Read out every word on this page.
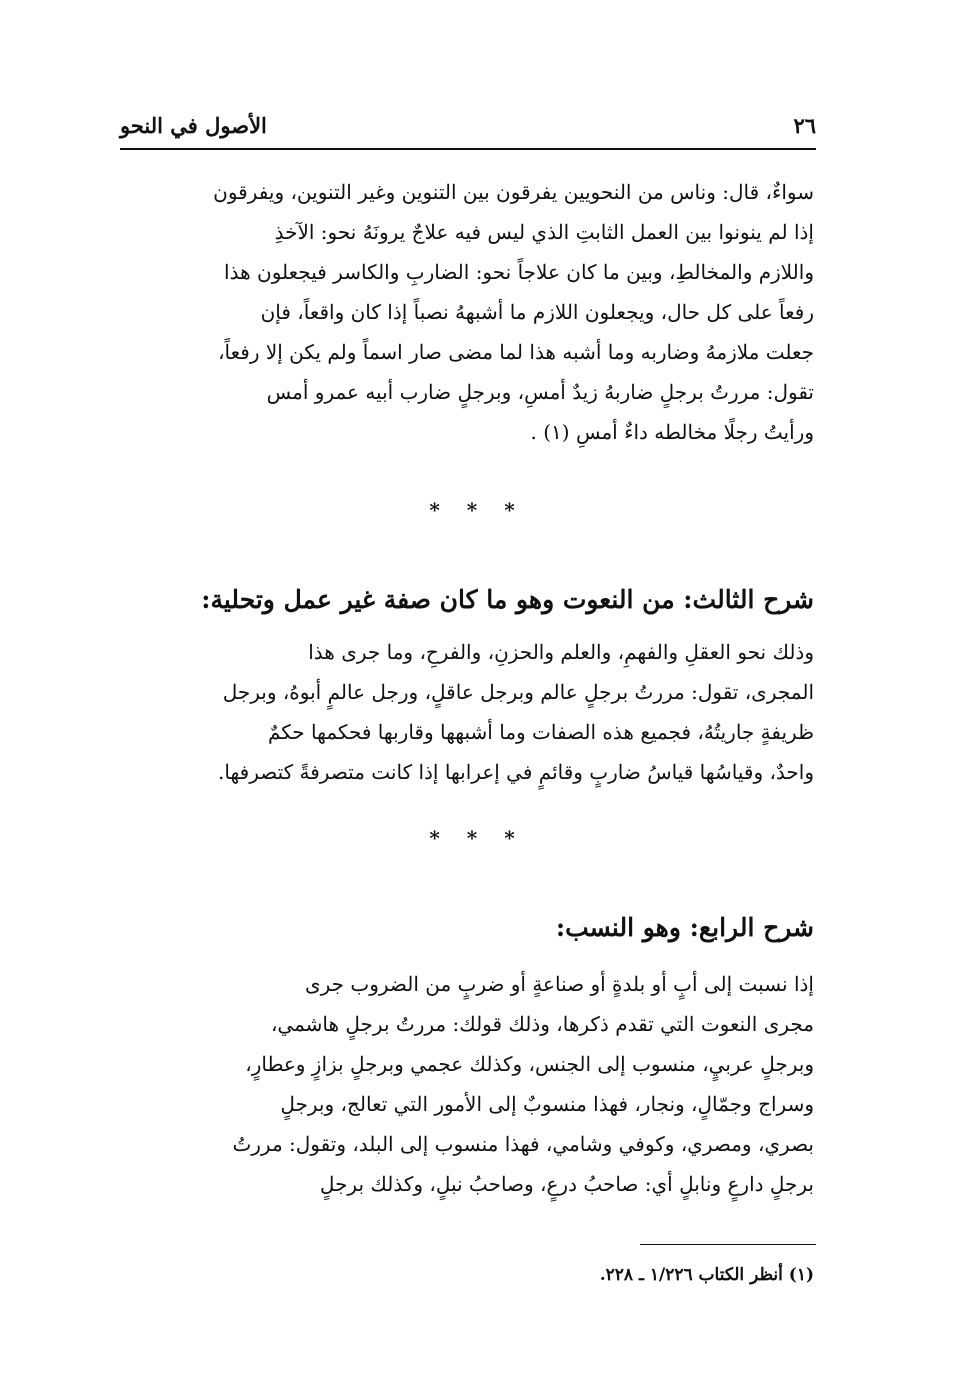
٢٦
الأصول في النحو
سواءٌ، قال: وناس من النحويين يفرقون بين التنوين وغير التنوين، ويفرقون
إذا لم ينونوا بين العمل الثابتِ الذي ليس فيه علاجٌ يرونَهُ نحو: الآخذِ
واللازم والمخالطِ، وبين ما كان علاجاً نحو: الضاربِ والكاسر فيجعلون هذا
رفعاً على كل حال، ويجعلون اللازم ما أشبههُ نصباً إذا كان واقعاً، فإن
جعلت ملازمهُ وضاربه وما أشبه هذا لما مضى صار اسماً ولم يكن إلا رفعاً،
تقول: مررتُ برجلٍ ضاربهُ زيدٌ أمسِ، وبرجلٍ ضارب أبيه عمرو أمس
ورأيتُ رجلًا مخالطه داءٌ أمسِ (١) .
* * *
شرح الثالث: من النعوت وهو ما كان صفة غير عمل وتحلية:
وذلك نحو العقلِ والفهمِ، والعلم والحزنِ، والفرحِ، وما جرى هذا
المجرى، تقول: مررتُ برجلٍ عالم وبرجل عاقلٍ، ورجل عالمٍ أبوهُ، وبرجل
ظريفةٍ جاريتُهُ، فجميع هذه الصفات وما أشبهها وقاربها فحكمها حكمٌ
واحدٌ، وقياسُها قياسُ ضاربٍ وقائمٍ في إعرابها إذا كانت متصرفةً كتصرفها.
* * *
شرح الرابع: وهو النسب:
إذا نسبت إلى أبٍ أو بلدةٍ أو صناعةٍ أو ضربٍ من الضروب جرى
مجرى النعوت التي تقدم ذكرها، وذلك قولك: مررتُ برجلٍ هاشمي،
وبرجلٍ عربيٍ، منسوب إلى الجنس، وكذلك عجمي وبرجلٍ بزازٍ وعطارٍ،
وسراج وجمّالٍ، ونجار، فهذا منسوبٌ إلى الأمور التي تعالج، وبرجلٍ
بصري، ومصري، وكوفي وشامي، فهذا منسوب إلى البلد، وتقول: مررتُ
برجلٍ دارعٍ ونابلٍ أي: صاحبُ درعٍ، وصاحبُ نبلٍ، وكذلك برجلٍ
(١) أنظر الكتاب ١/٢٢٦ ـ ٢٢٨.
